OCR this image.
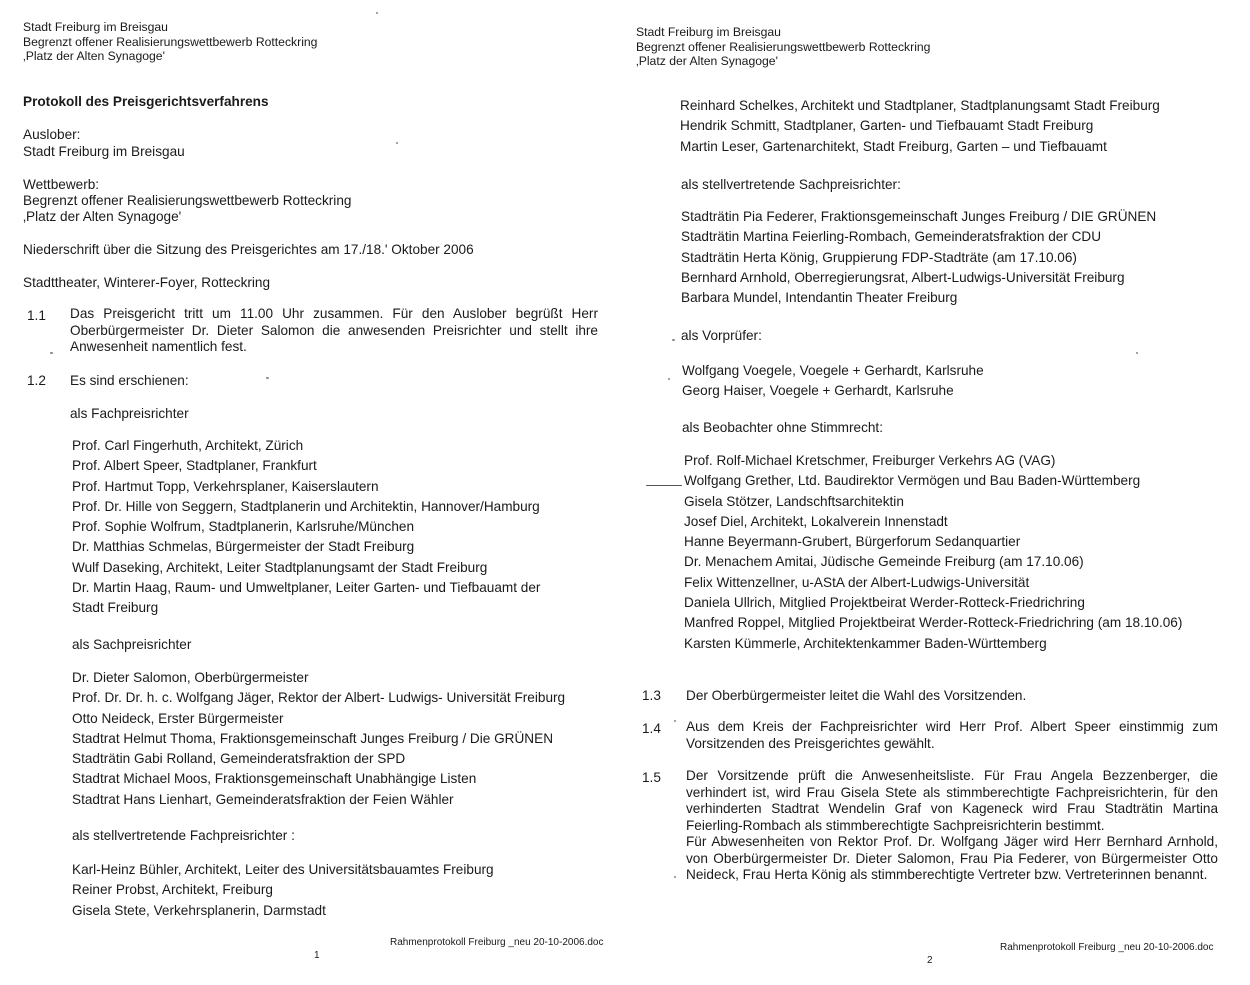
Stadt Freiburg im Breisgau
Begrenzt offener Realisierungswettbewerb Rotteckring
‚Platz der Alten Synagoge'
Protokoll des Preisgerichtsverfahrens
Auslober:
Stadt Freiburg im Breisgau
Wettbewerb:
Begrenzt offener Realisierungswettbewerb Rotteckring
‚Platz der Alten Synagoge'
Niederschrift über die Sitzung des Preisgerichtes am 17./18.' Oktober 2006
Stadttheater, Winterer-Foyer, Rotteckring
1.1 Das Preisgericht tritt um 11.00 Uhr zusammen. Für den Auslober begrüßt Herr Oberbürgermeister Dr. Dieter Salomon die anwesenden Preisrichter und stellt ihre Anwesenheit namentlich fest.
1.2 Es sind erschienen:
als Fachpreisrichter
Prof. Carl Fingerhuth, Architekt, Zürich
Prof. Albert Speer, Stadtplaner, Frankfurt
Prof. Hartmut Topp, Verkehrsplaner, Kaiserslautern
Prof. Dr. Hille von Seggern, Stadtplanerin und Architektin, Hannover/Hamburg
Prof. Sophie Wolfrum, Stadtplanerin, Karlsruhe/München
Dr. Matthias Schmelas, Bürgermeister der Stadt Freiburg
Wulf Daseking, Architekt, Leiter Stadtplanungsamt der Stadt Freiburg
Dr. Martin Haag, Raum- und Umweltplaner, Leiter Garten- und Tiefbauamt der
Stadt Freiburg
als Sachpreisrichter
Dr. Dieter Salomon, Oberbürgermeister
Prof. Dr. Dr. h. c. Wolfgang Jäger, Rektor der Albert- Ludwigs- Universität Freiburg
Otto Neideck, Erster Bürgermeister
Stadtrat Helmut Thoma, Fraktionsgemeinschaft Junges Freiburg / Die GRÜNEN
Stadträtin Gabi Rolland, Gemeinderatsfraktion der SPD
Stadtrat Michael Moos, Fraktionsgemeinschaft Unabhängige Listen
Stadtrat Hans Lienhart, Gemeinderatsfraktion der Feien Wähler
als stellvertretende Fachpreisrichter :
Karl-Heinz Bühler, Architekt, Leiter des Universitätsbauamtes Freiburg
Reiner Probst, Architekt, Freiburg
Gisela Stete, Verkehrsplanerin, Darmstadt
Rahmenprotokoll Freiburg _neu 20-10-2006.doc
1
Stadt Freiburg im Breisgau
Begrenzt offener Realisierungswettbewerb Rotteckring
‚Platz der Alten Synagoge'
Reinhard Schelkes, Architekt und Stadtplaner, Stadtplanungsamt Stadt Freiburg
Hendrik Schmitt, Stadtplaner, Garten- und Tiefbauamt Stadt Freiburg
Martin Leser, Gartenarchitekt, Stadt Freiburg, Garten – und Tiefbauamt
als stellvertretende Sachpreisrichter:
Stadträtin Pia Federer, Fraktionsgemeinschaft Junges Freiburg / DIE GRÜNEN
Stadträtin Martina Feierling-Rombach, Gemeinderatsfraktion der CDU
Stadträtin Herta König, Gruppierung FDP-Stadträte (am 17.10.06)
Bernhard Arnhold, Oberregierungsrat, Albert-Ludwigs-Universität Freiburg
Barbara Mundel, Intendantin Theater Freiburg
als Vorprüfer:
Wolfgang Voegele, Voegele + Gerhardt, Karlsruhe
Georg Haiser, Voegele + Gerhardt, Karlsruhe
als Beobachter ohne Stimmrecht:
Prof. Rolf-Michael Kretschmer, Freiburger Verkehrs AG (VAG)
Wolfgang Grether, Ltd. Baudirektor Vermögen und Bau Baden-Württemberg
Gisela Stötzer, Landschftsarchitektin
Josef Diel, Architekt, Lokalverein Innenstadt
Hanne Beyermann-Grubert, Bürgerforum Sedanquartier
Dr. Menachem Amitai, Jüdische Gemeinde Freiburg (am 17.10.06)
Felix Wittenzellner, u-AStA der Albert-Ludwigs-Universität
Daniela Ullrich, Mitglied Projektbeirat Werder-Rotteck-Friedrichring
Manfred Roppel, Mitglied Projektbeirat Werder-Rotteck-Friedrichring (am 18.10.06)
Karsten Kümmerle, Architektenkammer Baden-Württemberg
1.3 Der Oberbürgermeister leitet die Wahl des Vorsitzenden.
1.4 Aus dem Kreis der Fachpreisrichter wird Herr Prof. Albert Speer einstimmig zum Vorsitzenden des Preisgerichtes gewählt.
1.5 Der Vorsitzende prüft die Anwesenheitsliste. Für Frau Angela Bezzenberger, die verhindert ist, wird Frau Gisela Stete als stimmberechtigte Fachpreisrichterin, für den verhinderten Stadtrat Wendelin Graf von Kageneck wird Frau Stadträtin Martina Feierling-Rombach als stimmberechtigte Sachpreisrichterin bestimmt.
Für Abwesenheiten von Rektor Prof. Dr. Wolfgang Jäger wird Herr Bernhard Arnhold, von Oberbürgermeister Dr. Dieter Salomon, Frau Pia Federer, von Bürgermeister Otto Neideck, Frau Herta König als stimmberechtigte Vertreter bzw. Vertreterinnen benannt.
Rahmenprotokoll Freiburg _neu 20-10-2006.doc
2
